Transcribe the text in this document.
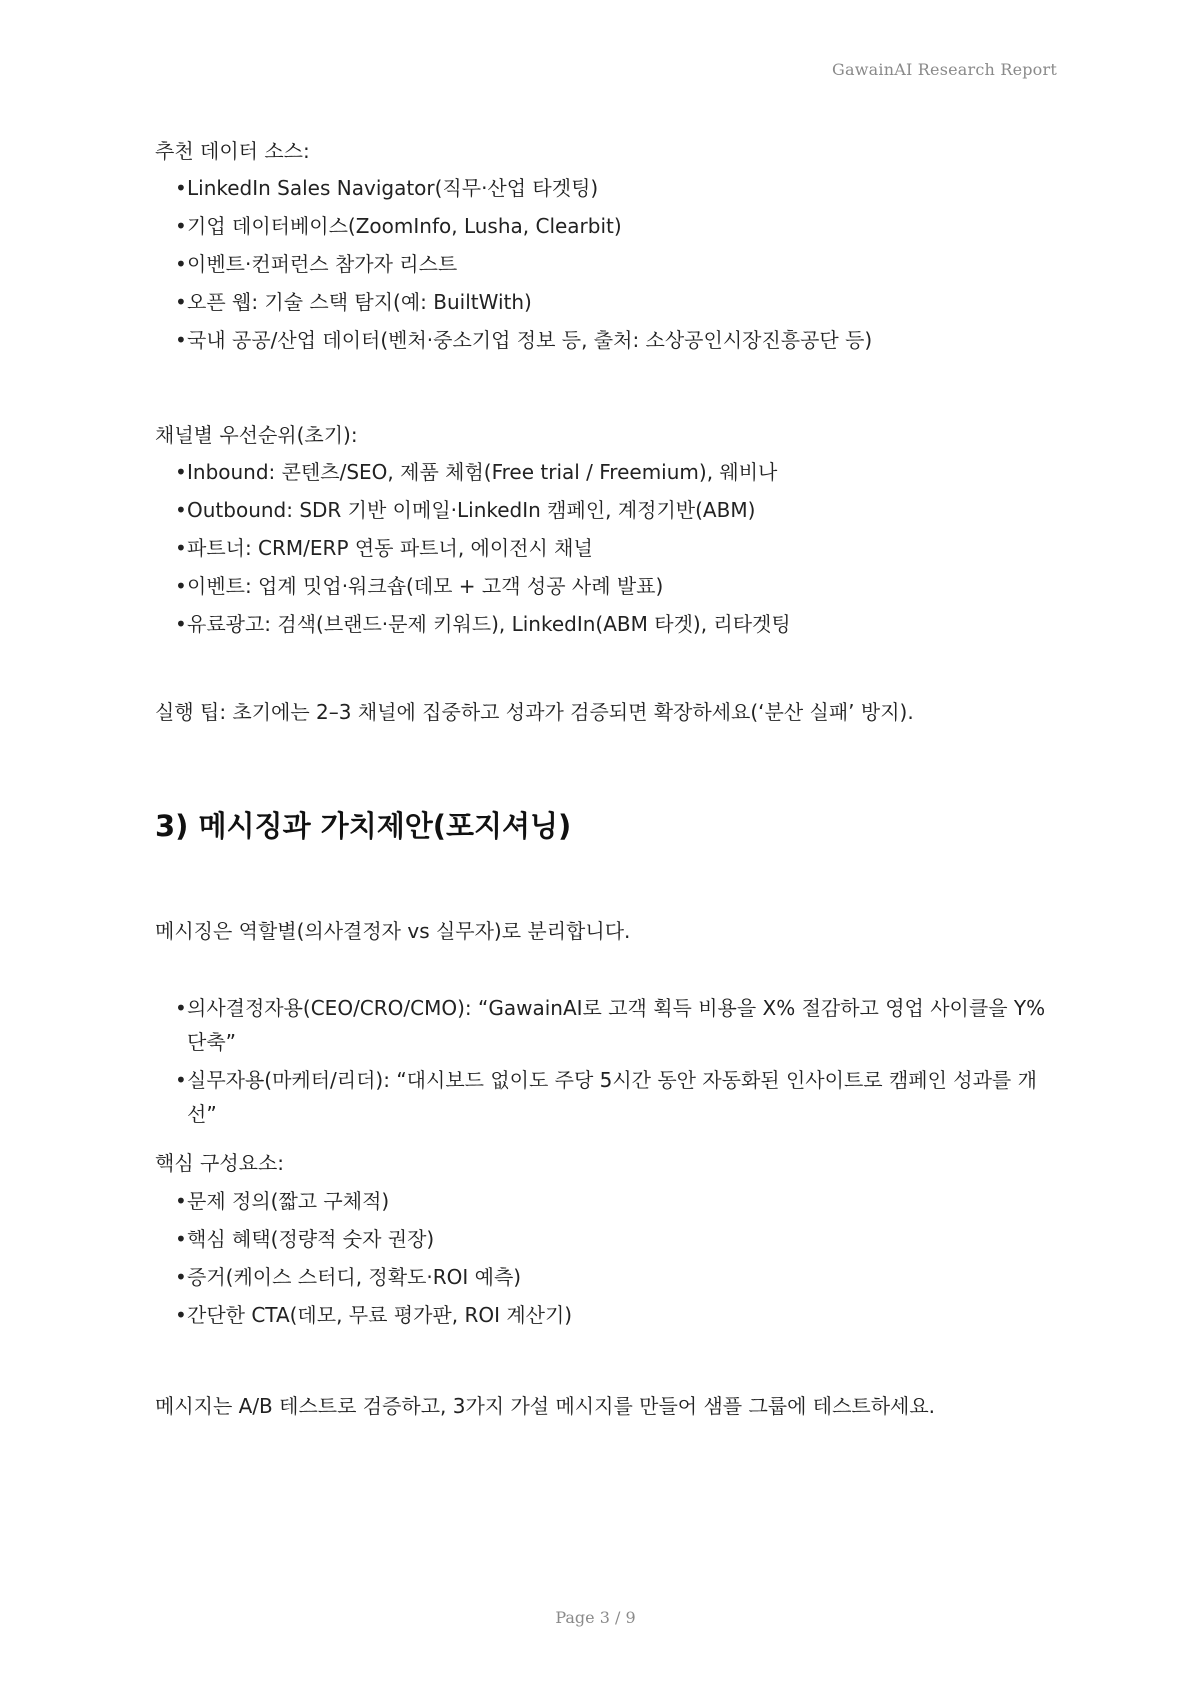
GawainAI Research Report
추천 데이터 소스:
• LinkedIn Sales Navigator(직무·산업 타겟팅)
• 기업 데이터베이스(ZoomInfo, Lusha, Clearbit)
• 이벤트·컨퍼런스 참가자 리스트
• 오픈 웹: 기술 스택 탐지(예: BuiltWith)
• 국내 공공/산업 데이터(벤처·중소기업 정보 등, 출처: 소상공인시장진흥공단 등)
채널별 우선순위(초기):
• Inbound: 콘텐츠/SEO, 제품 체험(Free trial / Freemium), 웨비나
• Outbound: SDR 기반 이메일·LinkedIn 캠페인, 계정기반(ABM)
• 파트너: CRM/ERP 연동 파트너, 에이전시 채널
• 이벤트: 업계 밋업·워크숍(데모 + 고객 성공 사례 발표)
• 유료광고: 검색(브랜드·문제 키워드), LinkedIn(ABM 타겟), 리타겟팅
실행 팁: 초기에는 2–3 채널에 집중하고 성과가 검증되면 확장하세요(‘분산 실패’ 방지).
3) 메시징과 가치제안(포지셔닝)
메시징은 역할별(의사결정자 vs 실무자)로 분리합니다.
• 의사결정자용(CEO/CRO/CMO): “GawainAI로 고객 획득 비용을 X% 절감하고 영업 사이클을 Y% 단축”
• 실무자용(마케터/리더): “대시보드 없이도 주당 5시간 동안 자동화된 인사이트로 캠페인 성과를 개선”
핵심 구성요소:
• 문제 정의(짧고 구체적)
• 핵심 혜택(정량적 숫자 권장)
• 증거(케이스 스터디, 정확도·ROI 예측)
• 간단한 CTA(데모, 무료 평가판, ROI 계산기)
메시지는 A/B 테스트로 검증하고, 3가지 가설 메시지를 만들어 샘플 그룹에 테스트하세요.
Page 3 / 9
